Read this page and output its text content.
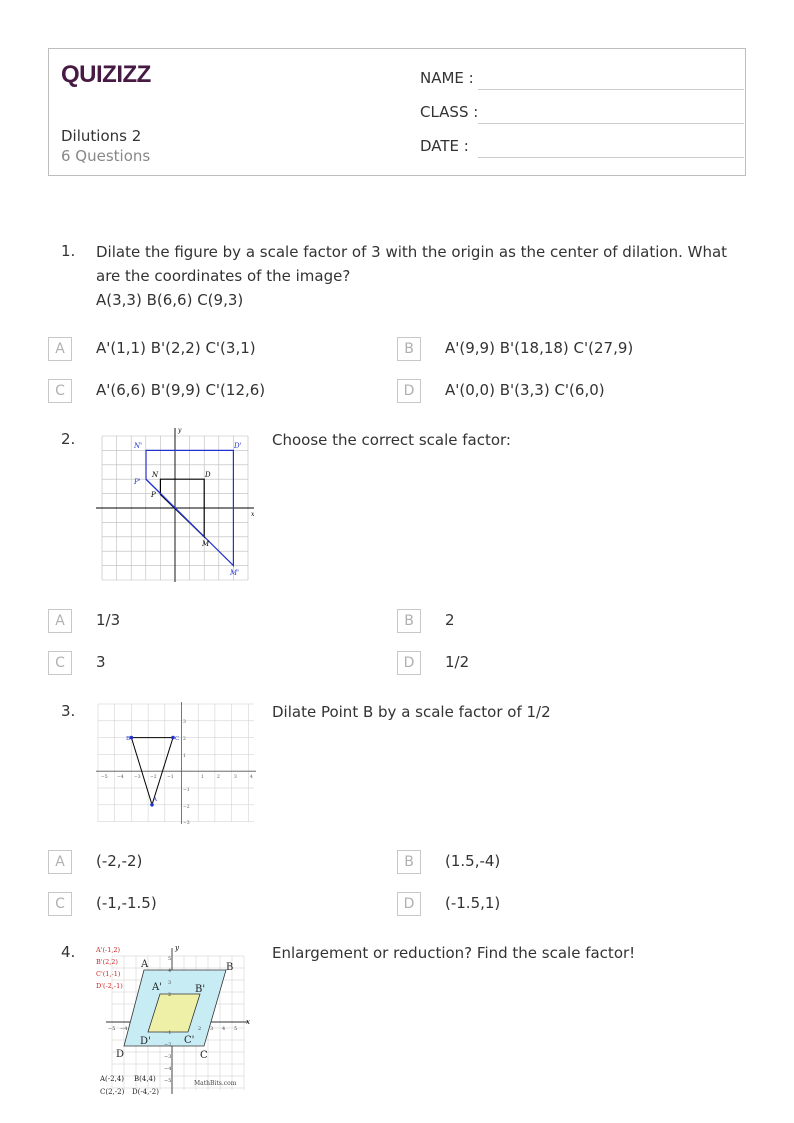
QUIZIZZ
Dilutions 2
6 Questions
NAME :
CLASS :
DATE :
1. Dilate the figure by a scale factor of 3 with the origin as the center of dilation. What are the coordinates of the image?
A(3,3) B(6,6) C(9,3)
A	A'(1,1) B'(2,2) C'(3,1)	B	A'(9,9) B'(18,18) C'(27,9)
C	A'(6,6) B'(9,9) C'(12,6)	D	A'(0,0) B'(3,3) C'(6,0)
2.	Choose the correct scale factor:
N'	D'
N	D
P'
P
M
M'
x
y
A	1/3	B	2
C	3	D	1/2
3.	Dilate Point B by a scale factor of 1/2
B	C
A
−5 −4 −3 −2 −1	1	2	3	4
3
2
1
−1
−2
−3
A	(-2,-2)	B	(1.5,-4)
C	(-1,-1.5)	D	(-1.5,1)
4.	Enlargement or reduction? Find the scale factor!
A'(-1,2)
B'(2,2)
C'(1,-1)
D'(-2,-1)
A	B
C
D
A'	B'
C'
D'
x
y
−5 −4
5
4
3
2
−1
−2
−3
−4
−5
2 3 4 5
MathBits.com
A(-2,4) B(4,4)
C(2,-2) D(-4,-2)
